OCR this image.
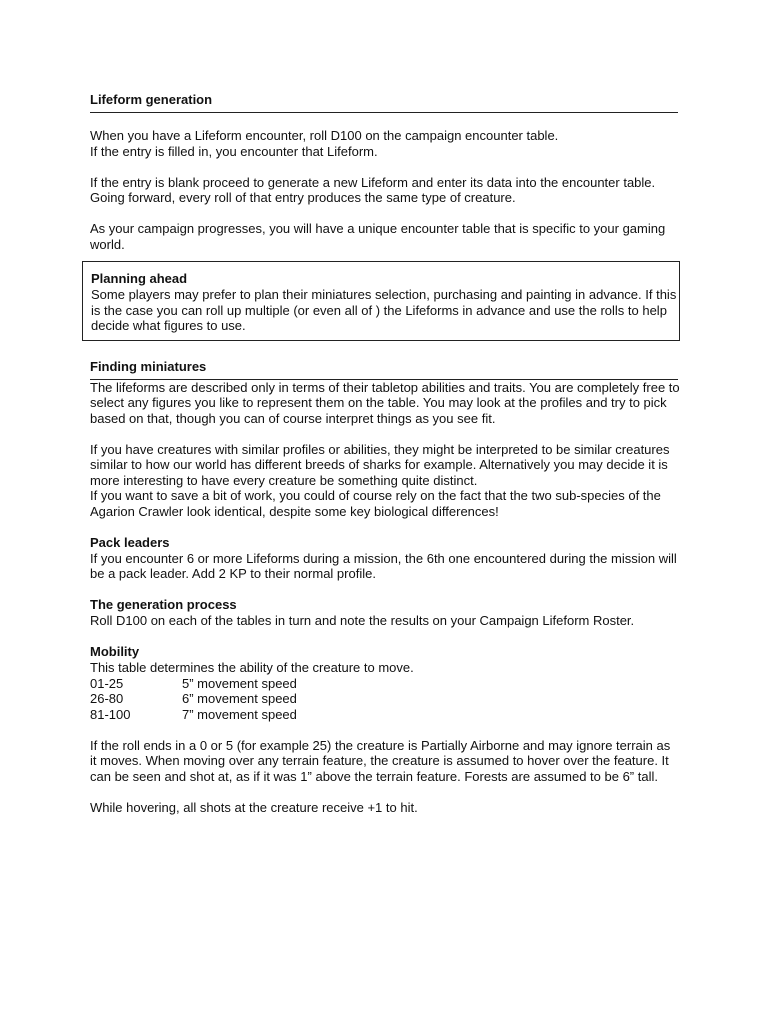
Lifeform generation

When you have a Lifeform encounter, roll D100 on the campaign encounter table.

If the entry is filled in, you encounter that Lifeform.

If the entry is blank proceed to generate a new Lifeform and enter its data into the encounter table. Going forward, every roll of that entry produces the same type of creature.

As your campaign progresses, you will have a unique encounter table that is specific to your gaming world.

Planning ahead

Some players may prefer to plan their miniatures selection, purchasing and painting in advance. If this is the case you can roll up multiple (or even all of ) the Lifeforms in advance and use the rolls to help decide what figures to use.

Finding miniatures

The lifeforms are described only in terms of their tabletop abilities and traits. You are completely free to select any figures you like to represent them on the table. You may look at the profiles and try to pick based on that, though you can of course interpret things as you see fit.

If you have creatures with similar profiles or abilities, they might be interpreted to be similar creatures similar to how our world has different breeds of sharks for example. Alternatively you may decide it is more interesting to have every creature be something quite distinct.

If you want to save a bit of work, you could of course rely on the fact that the two sub-species of the Agarion Crawler look identical, despite some key biological differences!

Pack leaders

If you encounter 6 or more Lifeforms during a mission, the 6th one encountered during the mission will be a pack leader. Add 2 KP to their normal profile.

The generation process

Roll D100 on each of the tables in turn and note the results on your Campaign Lifeform Roster.

Mobility

This table determines the ability of the creature to move.

01-25	5” movement speed
26-80	6” movement speed
81-100	7” movement speed

If the roll ends in a 0 or 5 (for example 25) the creature is Partially Airborne and may ignore terrain as it moves. When moving over any terrain feature, the creature is assumed to hover over the feature. It can be seen and shot at, as if it was 1” above the terrain feature. Forests are assumed to be 6” tall.

While hovering, all shots at the creature receive +1 to hit.
